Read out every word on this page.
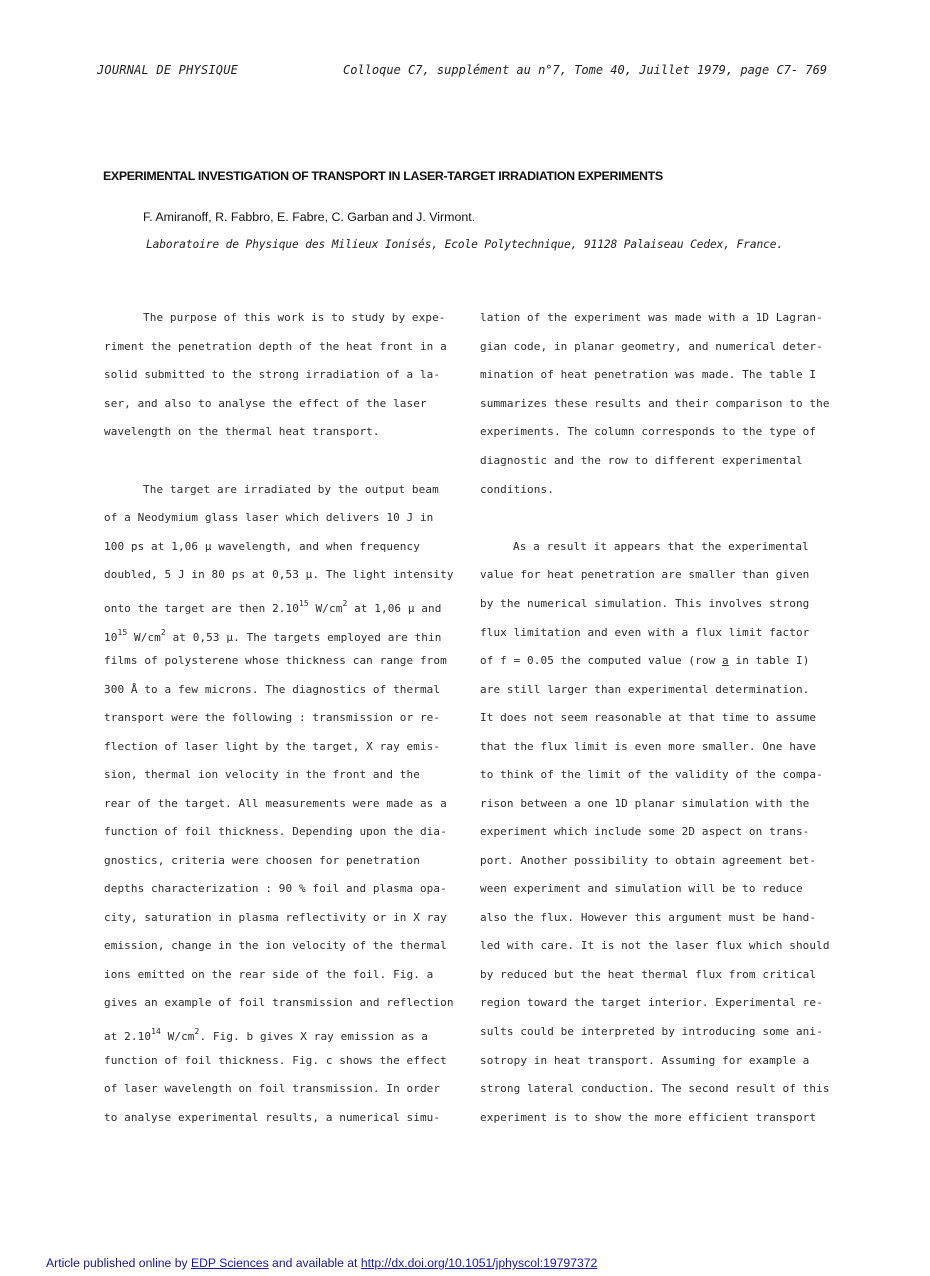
JOURNAL DE PHYSIQUE	Colloque C7, supplément au n°7, Tome 40, Juillet 1979, page C7- 769
EXPERIMENTAL INVESTIGATION OF TRANSPORT IN LASER-TARGET IRRADIATION EXPERIMENTS
F. Amiranoff, R. Fabbro, E. Fabre, C. Garban and J. Virmont.
Laboratoire de Physique des Milieux Ionisés, Ecole Polytechnique, 91128 Palaiseau Cedex, France.
The purpose of this work is to study by expe-
riment the penetration depth of the heat front in a
solid submitted to the strong irradiation of a la-
ser, and also to analyse the effect of the laser
wavelength on the thermal heat transport.
The target are irradiated by the output beam
of a Neodymium glass laser which delivers 10 J in
100 ps at 1,06 μ wavelength, and when frequency
doubled, 5 J in 80 ps at 0,53 μ. The light intensity
onto the target are then 2.10$^{15}$ $W/cm^2$ at 1,06 μ and
$10^{15}$ $W/cm^2$ at 0,53 μ. The targets employed are thin
films of polysterene whose thickness can range from
300 Å to a few microns. The diagnostics of thermal
transport were the following : transmission or re-
flection of laser light by the target, X ray emis-
sion, thermal ion velocity in the front and the
rear of the target. All measurements were made as a
function of foil thickness. Depending upon the dia-
gnostics, criteria were choosen for penetration
depths characterization : 90 % foil and plasma opa-
city, saturation in plasma reflectivity or in X ray
emission, change in the ion velocity of the thermal
ions emitted on the rear side of the foil. Fig. a
gives an example of foil transmission and reflection
at 2.10$^{14}$ $W/cm^2$. Fig. b gives X ray emission as a
function of foil thickness. Fig. c shows the effect
of laser wavelength on foil transmission. In order
to analyse experimental results, a numerical simu-
lation of the experiment was made with a 1D Lagran-
gian code, in planar geometry, and numerical deter-
mination of heat penetration was made. The table I
summarizes these results and their comparison to the
experiments. The column corresponds to the type of
diagnostic and the row to different experimental
conditions.
As a result it appears that the experimental
value for heat penetration are smaller than given
by the numerical simulation. This involves strong
flux limitation and even with a flux limit factor
of f = 0.05 the computed value (row a in table I)
are still larger than experimental determination.
It does not seem reasonable at that time to assume
that the flux limit is even more smaller. One have
to think of the limit of the validity of the compa-
rison between a one 1D planar simulation with the
experiment which include some 2D aspect on trans-
port. Another possibility to obtain agreement bet-
ween experiment and simulation will be to reduce
also the flux. However this argument must be hand-
led with care. It is not the laser flux which should
by reduced but the heat thermal flux from critical
region toward the target interior. Experimental re-
sults could be interpreted by introducing some ani-
sotropy in heat transport. Assuming for example a
strong lateral conduction. The second result of this
experiment is to show the more efficient transport
Article published online by EDP Sciences and available at http://dx.doi.org/10.1051/jphyscol:19797372
